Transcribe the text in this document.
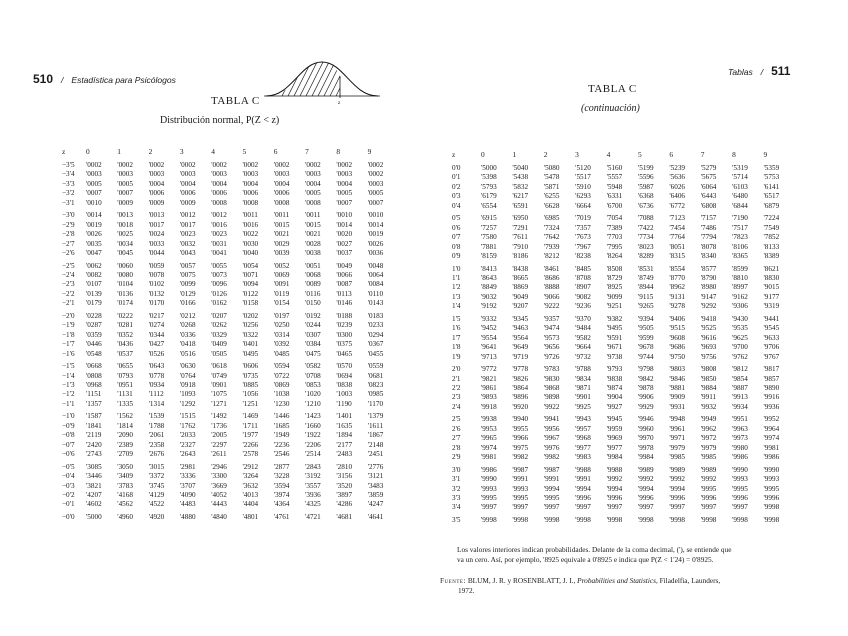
510 / Estadística para Psicólogos
z
TABLA C
Distribución normal, P(Z < z)
z	0	1	2	3	4	5	6	7	8	9
−3'5	'0002	'0002	'0002	'0002	'0002	'0002	'0002	'0002	'0002	'0002
−3'4	'0003	'0003	'0003	'0003	'0003	'0003	'0003	'0003	'0003	'0002
−3'3	'0005	'0005	'0004	'0004	'0004	'0004	'0004	'0004	'0004	'0003
−3'2	'0007	'0007	'0006	'0006	'0006	'0006	'0006	'0005	'0005	'0005
−3'1	'0010	'0009	'0009	'0009	'0008	'0008	'0008	'0008	'0007	'0007
−3'0	'0014	'0013	'0013	'0012	'0012	'0011	'0011	'0011	'0010	'0010
−2'9	'0019	'0018	'0017	'0017	'0016	'0016	'0015	'0015	'0014	'0014
−2'8	'0026	'0025	'0024	'0023	'0023	'0022	'0021	'0021	'0020	'0019
−2'7	'0035	'0034	'0033	'0032	'0031	'0030	'0029	'0028	'0027	'0026
−2'6	'0047	'0045	'0044	'0043	'0041	'0040	'0039	'0038	'0037	'0036
−2'5	'0062	'0060	'0059	'0057	'0055	'0054	'0052	'0051	'0049	'0048
−2'4	'0082	'0080	'0078	'0075	'0073	'0071	'0069	'0068	'0066	'0064
−2'3	'0107	'0104	'0102	'0099	'0096	'0094	'0091	'0089	'0087	'0084
−2'2	'0139	'0136	'0132	'0129	'0126	'0122	'0119	'0116	'0113	'0110
−2'1	'0179	'0174	'0170	'0166	'0162	'0158	'0154	'0150	'0146	'0143
−2'0	'0228	'0222	'0217	'0212	'0207	'0202	'0197	'0192	'0188	'0183
−1'9	'0287	'0281	'0274	'0268	'0262	'0256	'0250	'0244	'0239	'0233
−1'8	'0359	'0352	'0344	'0336	'0329	'0322	'0314	'0307	'0300	'0294
−1'7	'0446	'0436	'0427	'0418	'0409	'0401	'0392	'0384	'0375	'0367
−1'6	'0548	'0537	'0526	'0516	'0505	'0495	'0485	'0475	'0465	'0455
−1'5	'0668	'0655	'0643	'0630	'0618	'0606	'0594	'0582	'0570	'0559
−1'4	'0808	'0793	'0778	'0764	'0749	'0735	'0722	'0708	'0694	'0681
−1'3	'0968	'0951	'0934	'0918	'0901	'0885	'0869	'0853	'0838	'0823
−1'2	'1151	'1131	'1112	'1093	'1075	'1056	'1038	'1020	'1003	'0985
−1'1	'1357	'1335	'1314	'1292	'1271	'1251	'1230	'1210	'1190	'1170
−1'0	'1587	'1562	'1539	'1515	'1492	'1469	'1446	'1423	'1401	'1379
−0'9	'1841	'1814	'1788	'1762	'1736	'1711	'1685	'1660	'1635	'1611
−0'8	'2119	'2090	'2061	'2033	'2005	'1977	'1949	'1922	'1894	'1867
−0'7	'2420	'2389	'2358	'2327	'2297	'2266	'2236	'2206	'2177	'2148
−0'6	'2743	'2709	'2676	'2643	'2611	'2578	'2546	'2514	'2483	'2451
−0'5	'3085	'3050	'3015	'2981	'2946	'2912	'2877	'2843	'2810	'2776
−0'4	'3446	'3409	'3372	'3336	'3300	'3264	'3228	'3192	'3156	'3121
−0'3	'3821	'3783	'3745	'3707	'3669	'3632	'3594	'3557	'3520	'3483
−0'2	'4207	'4168	'4129	'4090	'4052	'4013	'3974	'3936	'3897	'3859
−0'1	'4602	'4562	'4522	'4483	'4443	'4404	'4364	'4325	'4286	'4247
−0'0	'5000	'4960	'4920	'4880	'4840	'4801	'4761	'4721	'4681	'4641
Tablas / 511
TABLA C
(continuación)
z	0	1	2	3	4	5	6	7	8	9
0'0	'5000	'5040	'5080	'5120	'5160	'5199	'5239	'5279	'5319	'5359
0'1	'5398	'5438	'5478	'5517	'5557	'5596	'5636	'5675	'5714	'5753
0'2	'5793	'5832	'5871	'5910	'5948	'5987	'6026	'6064	'6103	'6141
0'3	'6179	'6217	'6255	'6293	'6331	'6368	'6406	'6443	'6480	'6517
0'4	'6554	'6591	'6628	'6664	'6700	'6736	'6772	'6808	'6844	'6879
0'5	'6915	'6950	'6985	'7019	'7054	'7088	'7123	'7157	'7190	'7224
0'6	'7257	'7291	'7324	'7357	'7389	'7422	'7454	'7486	'7517	'7549
0'7	'7580	'7611	'7642	'7673	'7703	'7734	'7764	'7794	'7823	'7852
0'8	'7881	'7910	'7939	'7967	'7995	'8023	'8051	'8078	'8106	'8133
0'9	'8159	'8186	'8212	'8238	'8264	'8289	'8315	'8340	'8365	'8389
1'0	'8413	'8438	'8461	'8485	'8508	'8531	'8554	'8577	'8599	'8621
1'1	'8643	'8665	'8686	'8708	'8729	'8749	'8770	'8790	'8810	'8830
1'2	'8849	'8869	'8888	'8907	'8925	'8944	'8962	'8980	'8997	'9015
1'3	'9032	'9049	'9066	'9082	'9099	'9115	'9131	'9147	'9162	'9177
1'4	'9192	'9207	'9222	'9236	'9251	'9265	'9278	'9292	'9306	'9319
1'5	'9332	'9345	'9357	'9370	'9382	'9394	'9406	'9418	'9430	'9441
1'6	'9452	'9463	'9474	'9484	'9495	'9505	'9515	'9525	'9535	'9545
1'7	'9554	'9564	'9573	'9582	'9591	'9599	'9608	'9616	'9625	'9633
1'8	'9641	'9649	'9656	'9664	'9671	'9678	'9686	'9693	'9700	'9706
1'9	'9713	'9719	'9726	'9732	'9738	'9744	'9750	'9756	'9762	'9767
2'0	'9772	'9778	'9783	'9788	'9793	'9798	'9803	'9808	'9812	'9817
2'1	'9821	'9826	'9830	'9834	'9838	'9842	'9846	'9850	'9854	'9857
2'2	'9861	'9864	'9868	'9871	'9874	'9878	'9881	'9884	'9887	'9890
2'3	'9893	'9896	'9898	'9901	'9904	'9906	'9909	'9911	'9913	'9916
2'4	'9918	'9920	'9922	'9925	'9927	'9929	'9931	'9932	'9934	'9936
2'5	'9938	'9940	'9941	'9943	'9945	'9946	'9948	'9949	'9951	'9952
2'6	'9953	'9955	'9956	'9957	'9959	'9960	'9961	'9962	'9963	'9964
2'7	'9965	'9966	'9967	'9968	'9969	'9970	'9971	'9972	'9973	'9974
2'8	'9974	'9975	'9976	'9977	'9977	'9978	'9979	'9979	'9980	'9981
2'9	'9981	'9982	'9982	'9983	'9984	'9984	'9985	'9985	'9986	'9986
3'0	'9986	'9987	'9987	'9988	'9988	'9989	'9989	'9989	'9990	'9990
3'1	'9990	'9991	'9991	'9991	'9992	'9992	'9992	'9992	'9993	'9993
3'2	'9993	'9993	'9994	'9994	'9994	'9994	'9994	'9995	'9995	'9995
3'3	'9995	'9995	'9995	'9996	'9996	'9996	'9996	'9996	'9996	'9996
3'4	'9997	'9997	'9997	'9997	'9997	'9997	'9997	'9997	'9997	'9998
3'5	'9998	'9998	'9998	'9998	'9998	'9998	'9998	'9998	'9998	'9998
Los valores interiores indican probabilidades. Delante de la coma decimal, ('), se entiende que
va un cero. Así, por ejemplo, '8925 equivale a 0'8925 e indica que P(Z < 1'24) = 0'8925.
Fuente: BLUM, J. R. y ROSENBLATT, J. I., Probabilities and Statistics, Filadelfia, Launders,
1972.
